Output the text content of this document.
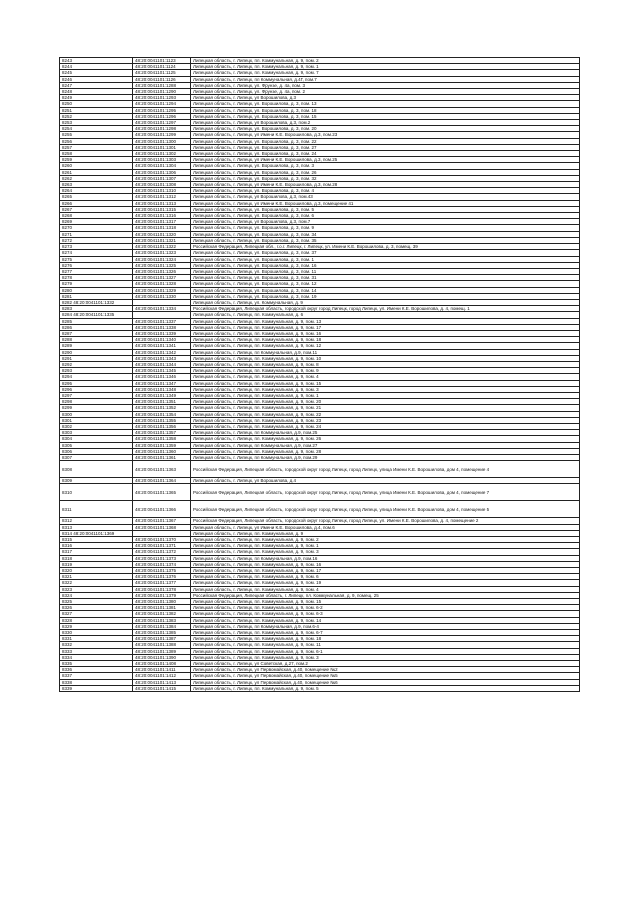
8243	48:20:0041101:1123	Липецкая область, г. Липецк, пл. Коммунальная, д. 9, пом. 2
8244	48:20:0041101:1124	Липецкая область, г. Липецк, пл. Коммунальная, д. 9, пом. 1
8245	48:20:0041101:1125	Липецкая область, г. Липецк, пл. Коммунальная, д. 9, пом. 7
8246	48:20:0041101:1126	Липецкая область, г. Липецк, пл Коммунальная, д.4Г, пом.7
8247	48:20:0041101:1288	Липецкая область, г. Липецк, ул. Фрунзе, д. 4а, пом. 3
8248	48:20:0041101:1290	Липецкая область, г. Липецк, ул. Фрунзе, д. 4а, пом. 2
8249	48:20:0041101:1293	Липецкая область, г. Липецк, ул Ворошилова, д.3
8250	48:20:0041101:1294	Липецкая область, г. Липецк, ул. Ворошилова, д. 3, пом. 13
8251	48:20:0041101:1295	Липецкая область, г. Липецк, ул. Ворошилова, д. 3, пом. 18
8252	48:20:0041101:1296	Липецкая область, г. Липецк, ул. Ворошилова, д. 3, пом. 15
8253	48:20:0041101:1297	Липецкая область, г. Липецк, ул Ворошилова, д.3, пом.2
8254	48:20:0041101:1298	Липецкая область, г. Липецк, ул. Ворошилова, д. 3, пом. 20
8255	48:20:0041101:1299	Липецкая область, г. Липецк, ул Имени К.Е. Ворошилова, д.3, пом.23
8256	48:20:0041101:1300	Липецкая область, г. Липецк, ул. Ворошилова, д. 3, пом. 22
8257	48:20:0041101:1301	Липецкая область, г. Липецк, ул. Ворошилова, д. 3, пом. 27
8258	48:20:0041101:1302	Липецкая область, г. Липецк, ул. Ворошилова, д. 3, пом. 24
8259	48:20:0041101:1303	Липецкая область, г. Липецк, ул Имени К.Е. Ворошилова, д.3, пом.25
8260	48:20:0041101:1304	Липецкая область, г. Липецк, ул. Ворошилова, д. 3, пом. 3
8261	48:20:0041101:1306	Липецкая область, г. Липецк, ул. Ворошилова, д. 3, пом. 26
8262	48:20:0041101:1307	Липецкая область, г. Липецк, ул. Ворошилова, д. 3, пом. 32
8263	48:20:0041101:1308	Липецкая область, г. Липецк, ул Имени К.Е. Ворошилова, д.3, пом.28
8264	48:20:0041101:1310	Липецкая область, г. Липецк, ул. Ворошилова, д. 3, пом. 4
8265	48:20:0041101:1312	Липецкая область, г. Липецк, ул Ворошилова, д.3, пом.43
8266	48:20:0041101:1313	Липецкая область, г. Липецк, ул Имени К.Е. Ворошилова, д.3, помещение 41
8267	48:20:0041101:1315	Липецкая область, г. Липецк, ул. Ворошилова, д. 3, пом. 5
8268	48:20:0041101:1316	Липецкая область, г. Липецк, ул. Ворошилова, д. 3, пом. 6
8269	48:20:0041101:1317	Липецкая область, г. Липецк, ул Ворошилова, д.3, пом.7
8270	48:20:0041101:1318	Липецкая область, г. Липецк, ул. Ворошилова, д. 3, пом. 9
8271	48:20:0041101:1320	Липецкая область, г. Липецк, ул. Ворошилова, д. 3, пом. 34
8272	48:20:0041101:1321	Липецкая область, г. Липецк, ул. Ворошилова, д. 3, пом. 35
8273	48:20:0041101:1322	Российская Федерация, Липецкая обл., г.о.г. Липецк, г. Липецк, ул. Имени К.Е. Ворошилова, д. 3, помещ. 39
8274	48:20:0041101:1323	Липецкая область, г. Липецк, ул. Ворошилова, д. 3, пом. 37
8275	48:20:0041101:1324	Липецкая область, г. Липецк, ул. Ворошилова, д. 3, пом. 1
8276	48:20:0041101:1325	Липецкая область, г. Липецк, ул. Ворошилова, д. 3, пом. 16
8277	48:20:0041101:1326	Липецкая область, г. Липецк, ул. Ворошилова, д. 3, пом. 11
8278	48:20:0041101:1327	Липецкая область, г. Липецк, ул. Ворошилова, д. 3, пом. 31
8279	48:20:0041101:1328	Липецкая область, г. Липецк, ул. Ворошилова, д. 3, пом. 12
8280	48:20:0041101:1329	Липецкая область, г. Липецк, ул. Ворошилова, д. 3, пом. 14
8281	48:20:0041101:1330	Липецкая область, г. Липецк, ул. Ворошилова, д. 3, пом. 19
8282 48:20:0041101:1332		Липецкая область, г. Липецк, ул. Коммунальная, д. 9
8283	48:20:0041101:1334	Российская Федерация, Липецкая область, городской округ город Липецк, город Липецк, ул. Имени К.Е. Ворошилова, д. 4, помещ. 1
8284 48:20:0041101:1335		Липецкая область, г. Липецк, пл. Коммунальная, д. 6
8285	48:20:0041101:1337	Липецкая область, г. Липецк, пл. Коммунальная, д. 9, пом. 13
8286	48:20:0041101:1338	Липецкая область, г. Липецк, пл. Коммунальная, д. 9, пом. 17
8287	48:20:0041101:1339	Липецкая область, г. Липецк, пл. Коммунальная, д. 9, пом. 16
8288	48:20:0041101:1340	Липецкая область, г. Липецк, пл. Коммунальная, д. 9, пом. 18
8289	48:20:0041101:1341	Липецкая область, г. Липецк, пл. Коммунальная, д. 9, пом. 12
8290	48:20:0041101:1342	Липецкая область, г. Липецк, пл Коммунальная, д.9, пом.11
8291	48:20:0041101:1343	Липецкая область, г. Липецк, пл. Коммунальная, д. 9, пом. 10
8292	48:20:0041101:1344	Липецкая область, г. Липецк, пл. Коммунальная, д. 9, пом. 8
8293	48:20:0041101:1345	Липецкая область, г. Липецк, пл. Коммунальная, д. 9, пом. 9
8294	48:20:0041101:1346	Липецкая область, г. Липецк, пл. Коммунальная, д. 9, пом. 4
8295	48:20:0041101:1347	Липецкая область, г. Липецк, пл. Коммунальная, д. 9, пом. 15
8296	48:20:0041101:1348	Липецкая область, г. Липецк, пл. Коммунальная, д. 9, пом. 3
8297	48:20:0041101:1349	Липецкая область, г. Липецк, пл. Коммунальная, д. 9, пом. 1
8298	48:20:0041101:1351	Липецкая область, г. Липецк, пл. Коммунальная, д. 9, пом. 20
8299	48:20:0041101:1352	Липецкая область, г. Липецк, пл. Коммунальная, д. 9, пом. 21
8300	48:20:0041101:1354	Липецкая область, г. Липецк, пл. Коммунальная, д. 9, пом. 22
8301	48:20:0041101:1355	Липецкая область, г. Липецк, пл. Коммунальная, д. 9, пом. 23
8302	48:20:0041101:1356	Липецкая область, г. Липецк, пл. Коммунальная, д. 9, пом. 24
8303	48:20:0041101:1357	Липецкая область, г. Липецк, пл Коммунальная, д.9, пом.25
8304	48:20:0041101:1358	Липецкая область, г. Липецк, пл. Коммунальная, д. 9, пом. 26
8305	48:20:0041101:1359	Липецкая область, г. Липецк, пл Коммунальная, д.9, пом.27
8306	48:20:0041101:1360	Липецкая область, г. Липецк, пл. Коммунальная, д. 9, пом. 28
8307	48:20:0041101:1361	Липецкая область, г. Липецк, пл Коммунальная, д.9, пом.29
8308	48:20:0041101:1363	Российская Федерация, Липецкая область, городской округ город Липецк, город Липецк, улица Имени К.Е. Ворошилова, дом 4, помещение 4
8309	48:20:0041101:1364	Липецкая область, г. Липецк, ул Ворошилова, д.4
8310	48:20:0041101:1365	Российская Федерация, Липецкая область, городской округ город Липецк, город Липецк, улица Имени К.Е. Ворошилова, дом 4, помещение 7
8311	48:20:0041101:1366	Российская Федерация, Липецкая область, городской округ город Липецк, город Липецк, улица Имени К.Е. Ворошилова, дом 4, помещение 5
8312	48:20:0041101:1367	Российская Федерация, Липецкая область, городской округ город Липецк, город Липецк, ул. Имени К.Е. Ворошилова, д. 4, помещение 2
8313	48:20:0041101:1368	Липецкая область, г. Липецк, ул Имени К.Е. Ворошилова, д.4, пом.6
8314 48:20:0041101:1369		Липецкая область, г. Липецк, пл. Коммунальная, д. 9
8315	48:20:0041101:1370	Липецкая область, г. Липецк, пл. Коммунальная, д. 9, пом. 2
8316	48:20:0041101:1371	Липецкая область, г. Липецк, пл. Коммунальная, д. 9, пом. 1
8317	48:20:0041101:1372	Липецкая область, г. Липецк, пл. Коммунальная, д. 9, пом. 3
8318	48:20:0041101:1373	Липецкая область, г. Липецк, пл Коммунальная, д.9, пом.16
8319	48:20:0041101:1374	Липецкая область, г. Липецк, пл. Коммунальная, д. 9, пом. 16
8320	48:20:0041101:1375	Липецкая область, г. Липецк, пл. Коммунальная, д. 9, пом. 17
8321	48:20:0041101:1376	Липецкая область, г. Липецк, пл. Коммунальная, д. 9, пом. 6
8322	48:20:0041101:1377	Липецкая область, г. Липецк, пл. Коммунальная, д. 9, пом. 19
8323	48:20:0041101:1378	Липецкая область, г. Липецк, пл. Коммунальная, д. 9, пом. 4
8324	48:20:0041101:1379	Российская Федерация, Липецкая область, г. Липецк, пл. Коммунальная, д. 9, помещ. 25
8325	48:20:0041101:1380	Липецкая область, г. Липецк, пл. Коммунальная, д. 9, пом. 15
8326	48:20:0041101:1381	Липецкая область, г. Липецк, пл. Коммунальная, д. 9, пом. 6-2
8327	48:20:0041101:1382	Липецкая область, г. Липецк, пл. Коммунальная, д. 9, пом. 6-3
8328	48:20:0041101:1383	Липецкая область, г. Липецк, пл. Коммунальная, д. 9, пом. 14
8329	48:20:0041101:1384	Липецкая область, г. Липецк, пл Коммунальная, д.9, пом.6-4
8330	48:20:0041101:1385	Липецкая область, г. Липецк, пл. Коммунальная, д. 9, пом. 6-7
8331	48:20:0041101:1387	Липецкая область, г. Липецк, пл. Коммунальная, д. 9, пом. 18
8332	48:20:0041101:1388	Липецкая область, г. Липецк, пл. Коммунальная, д. 9, пом. 11
8333	48:20:0041101:1389	Липецкая область, г. Липецк, пл. Коммунальная, д. 9, пом. 6-1
8334	48:20:0041101:1390	Липецкая область, г. Липецк, пл. Коммунальная, д. 9, пом. 3
8335	48:20:0041101:1408	Липецкая область, г. Липецк, ул Советская, д.27, пом.2
8336	48:20:0041101:1411	Липецкая область, г. Липецк, ул Первомайская, д.40, помещение №2
8337	48:20:0041101:1412	Липецкая область, г. Липецк, ул Первомайская, д.40, помещение №5
8338	48:20:0041101:1413	Липецкая область, г. Липецк, ул Первомайская, д.40, помещение №6
8339	48:20:0041101:1415	Липецкая область, г. Липецк, пл. Коммунальная, д. 9, пом. 5
